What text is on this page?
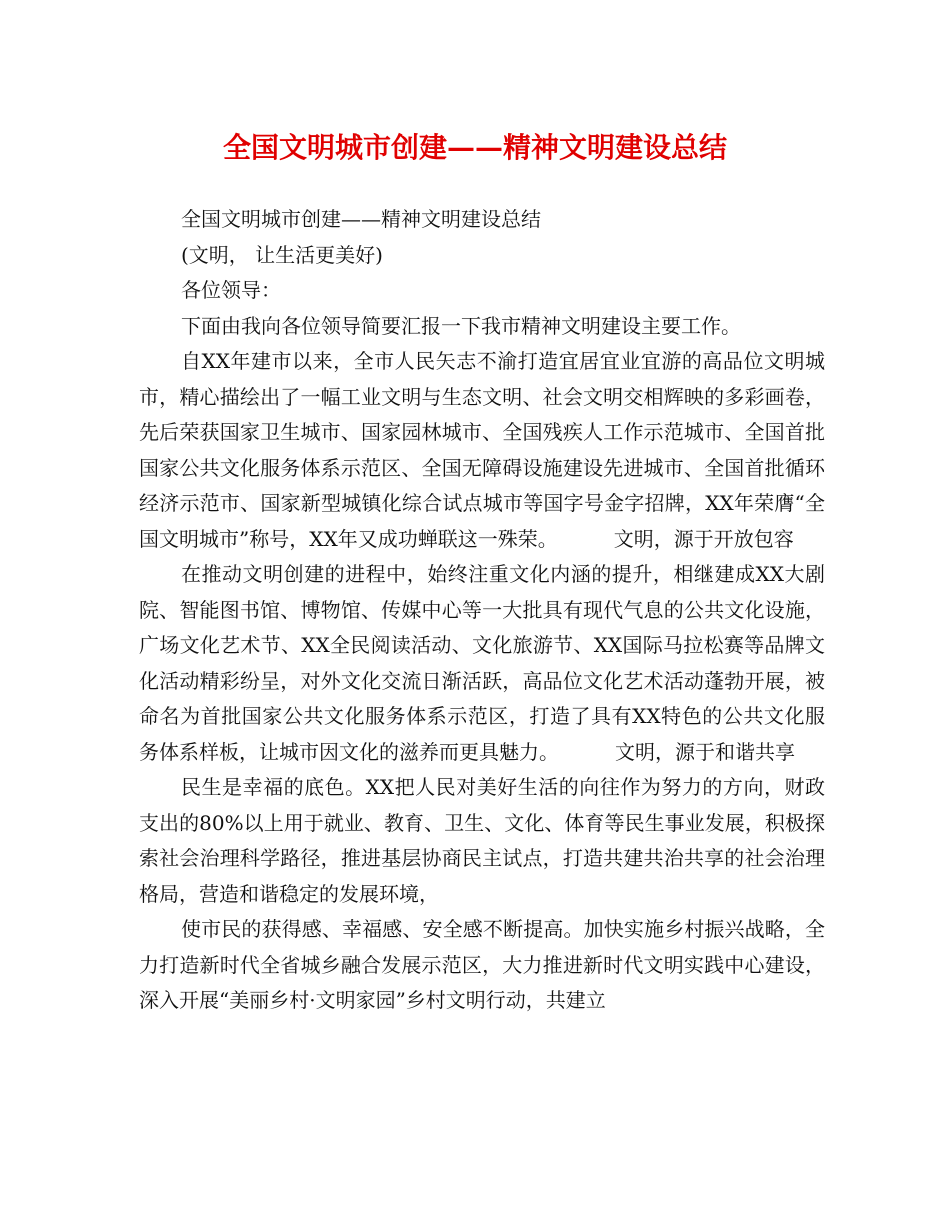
全国文明城市创建——精神文明建设总结

全国文明城市创建——精神文明建设总结

(文明， 让生活更美好)

各位领导：

下面由我向各位领导简要汇报一下我市精神文明建设主要工作。

自XX年建市以来，全市人民矢志不渝打造宜居宜业宜游的高品位文明城市，精心描绘出了一幅工业文明与生态文明、社会文明交相辉映的多彩画卷，先后荣获国家卫生城市、国家园林城市、全国残疾人工作示范城市、全国首批国家公共文化服务体系示范区、全国无障碍设施建设先进城市、全国首批循环经济示范市、国家新型城镇化综合试点城市等国字号金字招牌，XX年荣膺“全国文明城市”称号，XX年又成功蝉联这一殊荣。	文明，源于开放包容

在推动文明创建的进程中，始终注重文化内涵的提升，相继建成XX大剧院、智能图书馆、博物馆、传媒中心等一大批具有现代气息的公共文化设施，广场文化艺术节、XX全民阅读活动、文化旅游节、XX国际马拉松赛等品牌文化活动精彩纷呈，对外文化交流日渐活跃，高品位文化艺术活动蓬勃开展，被命名为首批国家公共文化服务体系示范区，打造了具有XX特色的公共文化服务体系样板，让城市因文化的滋养而更具魅力。	文明，源于和谐共享

民生是幸福的底色。XX把人民对美好生活的向往作为努力的方向，财政支出的80%以上用于就业、教育、卫生、文化、体育等民生事业发展，积极探索社会治理科学路径，推进基层协商民主试点，打造共建共治共享的社会治理格局，营造和谐稳定的发展环境，

使市民的获得感、幸福感、安全感不断提高。加快实施乡村振兴战略，全力打造新时代全省城乡融合发展示范区，大力推进新时代文明实践中心建设，深入开展“美丽乡村·文明家园”乡村文明行动，共建立
